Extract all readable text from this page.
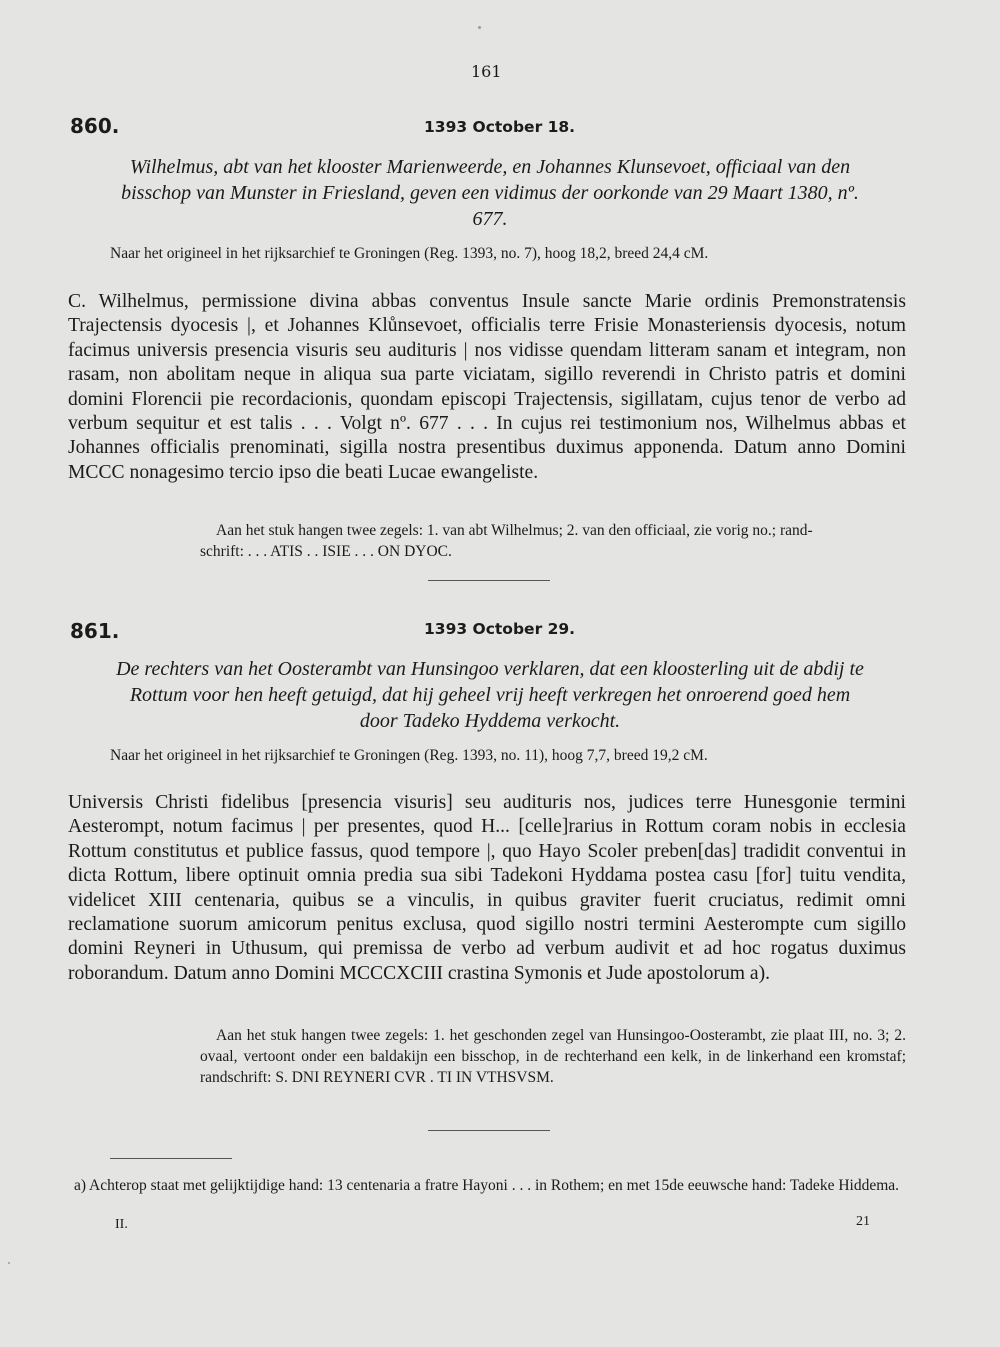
161
860.	1393 October 18.
Wilhelmus, abt van het klooster Marienweerde, en Johannes Klunsevoet, officiaal van den bisschop van Munster in Friesland, geven een vidimus der oorkonde van 29 Maart 1380, nº. 677.
Naar het origineel in het rijksarchief te Groningen (Reg. 1393, no. 7), hoog 18,2, breed 24,4 cM.
C. Wilhelmus, permissione divina abbas conventus Insule sancte Marie ordinis Premonstratensis Trajectensis dyocesis |, et Johannes Klůnsevoet, officialis terre Frisie Monasteriensis dyocesis, notum facimus universis presencia visuris seu audituris | nos vidisse quendam litteram sanam et integram, non rasam, non abolitam neque in aliqua sua parte viciatam, sigillo reverendi in Christo patris et domini domini Florencii pie recordacionis, quondam episcopi Trajectensis, sigillatam, cujus tenor de verbo ad verbum sequitur et est talis . . . Volgt nº. 677 . . . In cujus rei testimonium nos, Wilhelmus abbas et Johannes officialis prenominati, sigilla nostra presentibus duximus apponenda. Datum anno Domini MCCC nonagesimo tercio ipso die beati Lucae ewangeliste.
Aan het stuk hangen twee zegels: 1. van abt Wilhelmus; 2. van den officiaal, zie vorig no.; rand-
schrift: . . . ATIS . . ISIE . . . ON DYOC.
861.	1393 October 29.
De rechters van het Oosterambt van Hunsingoo verklaren, dat een kloosterling uit de abdij te Rottum voor hen heeft getuigd, dat hij geheel vrij heeft verkregen het onroerend goed hem door Tadeko Hyddema verkocht.
Naar het origineel in het rijksarchief te Groningen (Reg. 1393, no. 11), hoog 7,7, breed 19,2 cM.
Universis Christi fidelibus [presencia visuris] seu audituris nos, judices terre Hunesgonie termini Aesterompt, notum facimus | per presentes, quod H... [celle]rarius in Rottum coram nobis in ecclesia Rottum constitutus et publice fassus, quod tempore |, quo Hayo Scoler preben[das] tradidit conventui in dicta Rottum, libere optinuit omnia predia sua sibi Tadekoni Hyddama postea casu [for] tuitu vendita, videlicet XIII centenaria, quibus se a vinculis, in quibus graviter fuerit cruciatus, redimit omni reclamatione suorum amicorum penitus exclusa, quod sigillo nostri termini Aesterompte cum sigillo domini Reyneri in Uthusum, qui premissa de verbo ad verbum audivit et ad hoc rogatus duximus roborandum. Datum anno Domini MCCCXCIII crastina Symonis et Jude apostolorum a).
Aan het stuk hangen twee zegels: 1. het geschonden zegel van Hunsingoo-Oosterambt, zie plaat III, no. 3; 2. ovaal, vertoont onder een baldakijn een bisschop, in de rechterhand een kelk, in de linkerhand een kromstaf; randschrift: S. DNI REYNERI CVR . TI IN VTHSVSM.
a) Achterop staat met gelijktijdige hand: 13 centenaria a fratre Hayoni . . . in Rothem; en met 15de eeuwsche hand: Tadeke Hiddema.
II.	21
